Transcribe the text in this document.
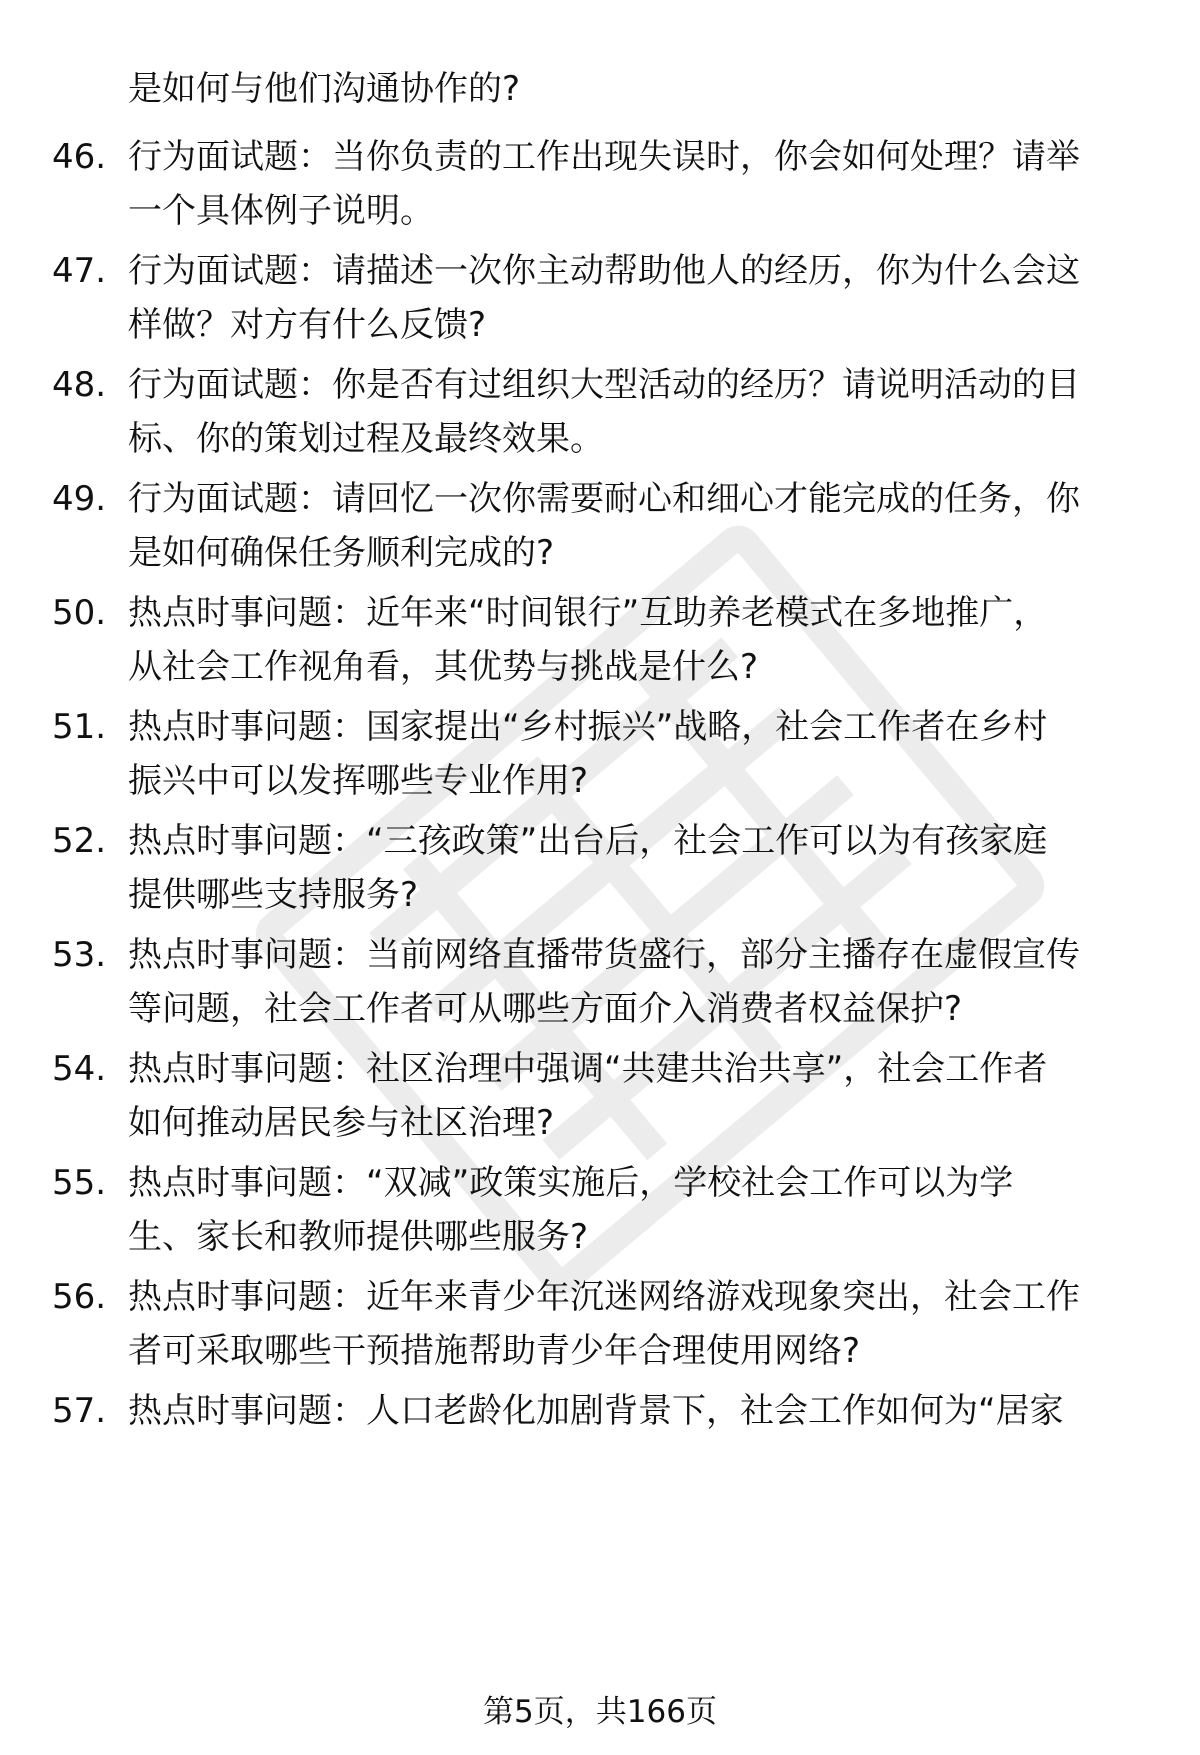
是如何与他们沟通协作的?
46. 行为面试题：当你负责的工作出现失误时，你会如何处理？请举
一个具体例子说明。
47. 行为面试题：请描述一次你主动帮助他人的经历，你为什么会这
样做？对方有什么反馈?
48. 行为面试题：你是否有过组织大型活动的经历？请说明活动的目
标、你的策划过程及最终效果。
49. 行为面试题：请回忆一次你需要耐心和细心才能完成的任务，你
是如何确保任务顺利完成的?
50. 热点时事问题：近年来“时间银行”互助养老模式在多地推广，
从社会工作视角看，其优势与挑战是什么?
51. 热点时事问题：国家提出“乡村振兴”战略，社会工作者在乡村
振兴中可以发挥哪些专业作用?
52. 热点时事问题：“三孩政策”出台后，社会工作可以为有孩家庭
提供哪些支持服务?
53. 热点时事问题：当前网络直播带货盛行，部分主播存在虚假宣传
等问题，社会工作者可从哪些方面介入消费者权益保护?
54. 热点时事问题：社区治理中强调“共建共治共享”，社会工作者
如何推动居民参与社区治理?
55. 热点时事问题：“双减”政策实施后，学校社会工作可以为学
生、家长和教师提供哪些服务?
56. 热点时事问题：近年来青少年沉迷网络游戏现象突出，社会工作
者可采取哪些干预措施帮助青少年合理使用网络?
57. 热点时事问题：人口老龄化加剧背景下，社会工作如何为“居家
第5页，共166页
